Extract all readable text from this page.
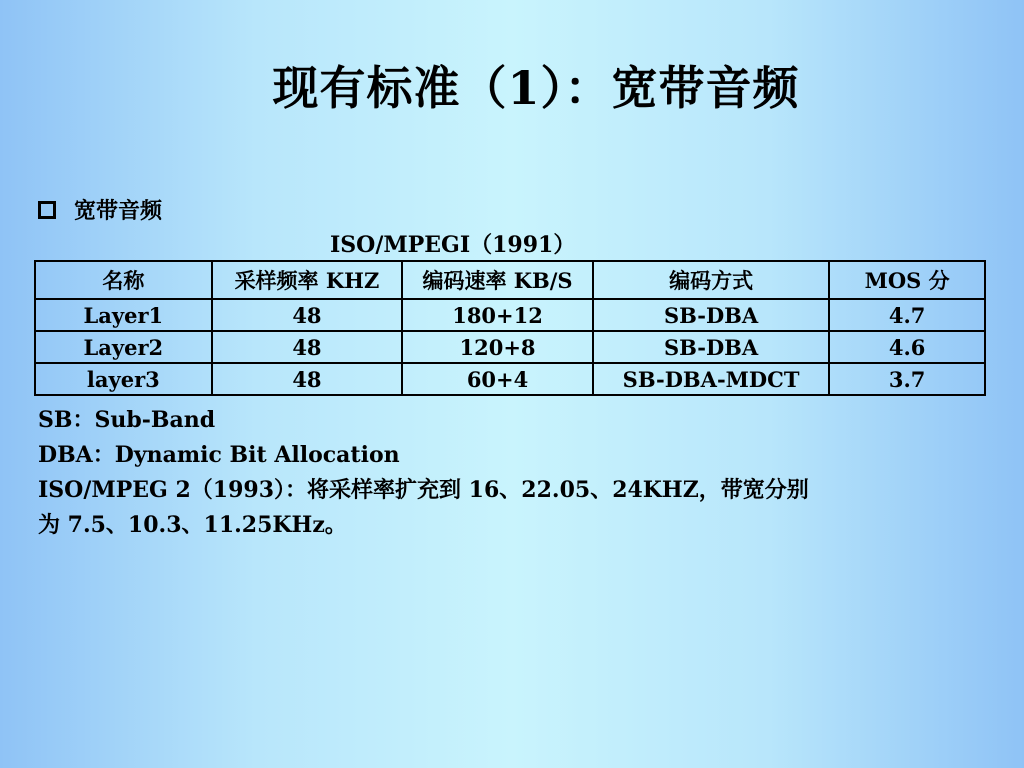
现有标准（1）：宽带音频
宽带音频
ISO/MPEGI（1991）
名称	采样频率 KHZ	编码速率 KB/S	编码方式	MOS 分
Layer1	48	180+12	SB-DBA	4.7
Layer2	48	120+8	SB-DBA	4.6
layer3	48	60+4	SB-DBA-MDCT	3.7
SB：Sub-Band
DBA：Dynamic Bit Allocation
ISO/MPEG 2（1993）：将采样率扩充到 16、22.05、24KHZ，带宽分别
为 7.5、10.3、11.25KHz。
